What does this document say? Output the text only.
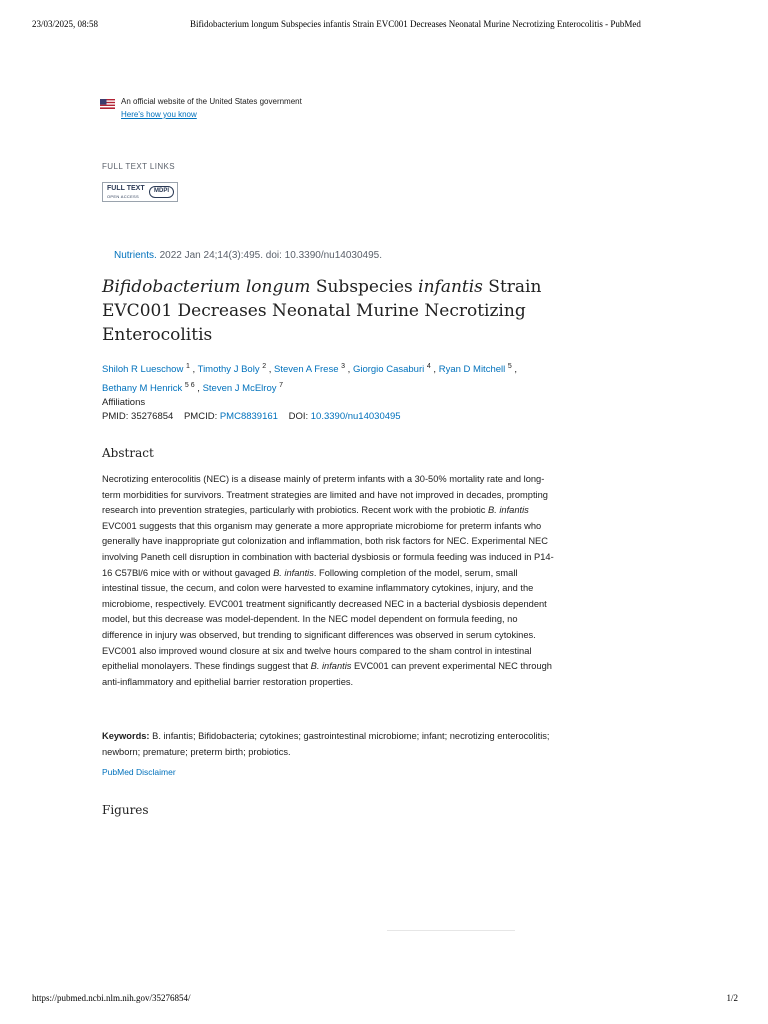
23/03/2025, 08:58	Bifidobacterium longum Subspecies infantis Strain EVC001 Decreases Neonatal Murine Necrotizing Enterocolitis - PubMed
An official website of the United States government
Here's how you know
FULL TEXT LINKS
FULL TEXT
OPEN ACCESS
MDPI
Nutrients. 2022 Jan 24;14(3):495. doi: 10.3390/nu14030495.
Bifidobacterium longum Subspecies infantis Strain EVC001 Decreases Neonatal Murine Necrotizing Enterocolitis
Shiloh R Lueschow $^1$ , Timothy J Boly $^2$ , Steven A Frese $^3$ , Giorgio Casaburi $^4$ , Ryan D Mitchell $^5$ ,
Bethany M Henrick $^{5 6}$ , Steven J McElroy $^7$
Affiliations
PMID: 35276854 PMCID: PMC8839161 DOI: 10.3390/nu14030495
Abstract

Necrotizing enterocolitis (NEC) is a disease mainly of preterm infants with a 30-50% mortality rate and long-term morbidities for survivors. Treatment strategies are limited and have not improved in decades, prompting research into prevention strategies, particularly with probiotics. Recent work with the probiotic B. infantis EVC001 suggests that this organism may generate a more appropriate microbiome for preterm infants who generally have inappropriate gut colonization and inflammation, both risk factors for NEC. Experimental NEC involving Paneth cell disruption in combination with bacterial dysbiosis or formula feeding was induced in P14-16 C57Bl/6 mice with or without gavaged B. infantis. Following completion of the model, serum, small intestinal tissue, the cecum, and colon were harvested to examine inflammatory cytokines, injury, and the microbiome, respectively. EVC001 treatment significantly decreased NEC in a bacterial dysbiosis dependent model, but this decrease was model-dependent. In the NEC model dependent on formula feeding, no difference in injury was observed, but trending to significant differences was observed in serum cytokines. EVC001 also improved wound closure at six and twelve hours compared to the sham control in intestinal epithelial monolayers. These findings suggest that B. infantis EVC001 can prevent experimental NEC through anti-inflammatory and epithelial barrier restoration properties.

Keywords: B. infantis; Bifidobacteria; cytokines; gastrointestinal microbiome; infant; necrotizing enterocolitis; newborn; premature; preterm birth; probiotics.

PubMed Disclaimer
Figures
https://pubmed.ncbi.nlm.nih.gov/35276854/	1/2
